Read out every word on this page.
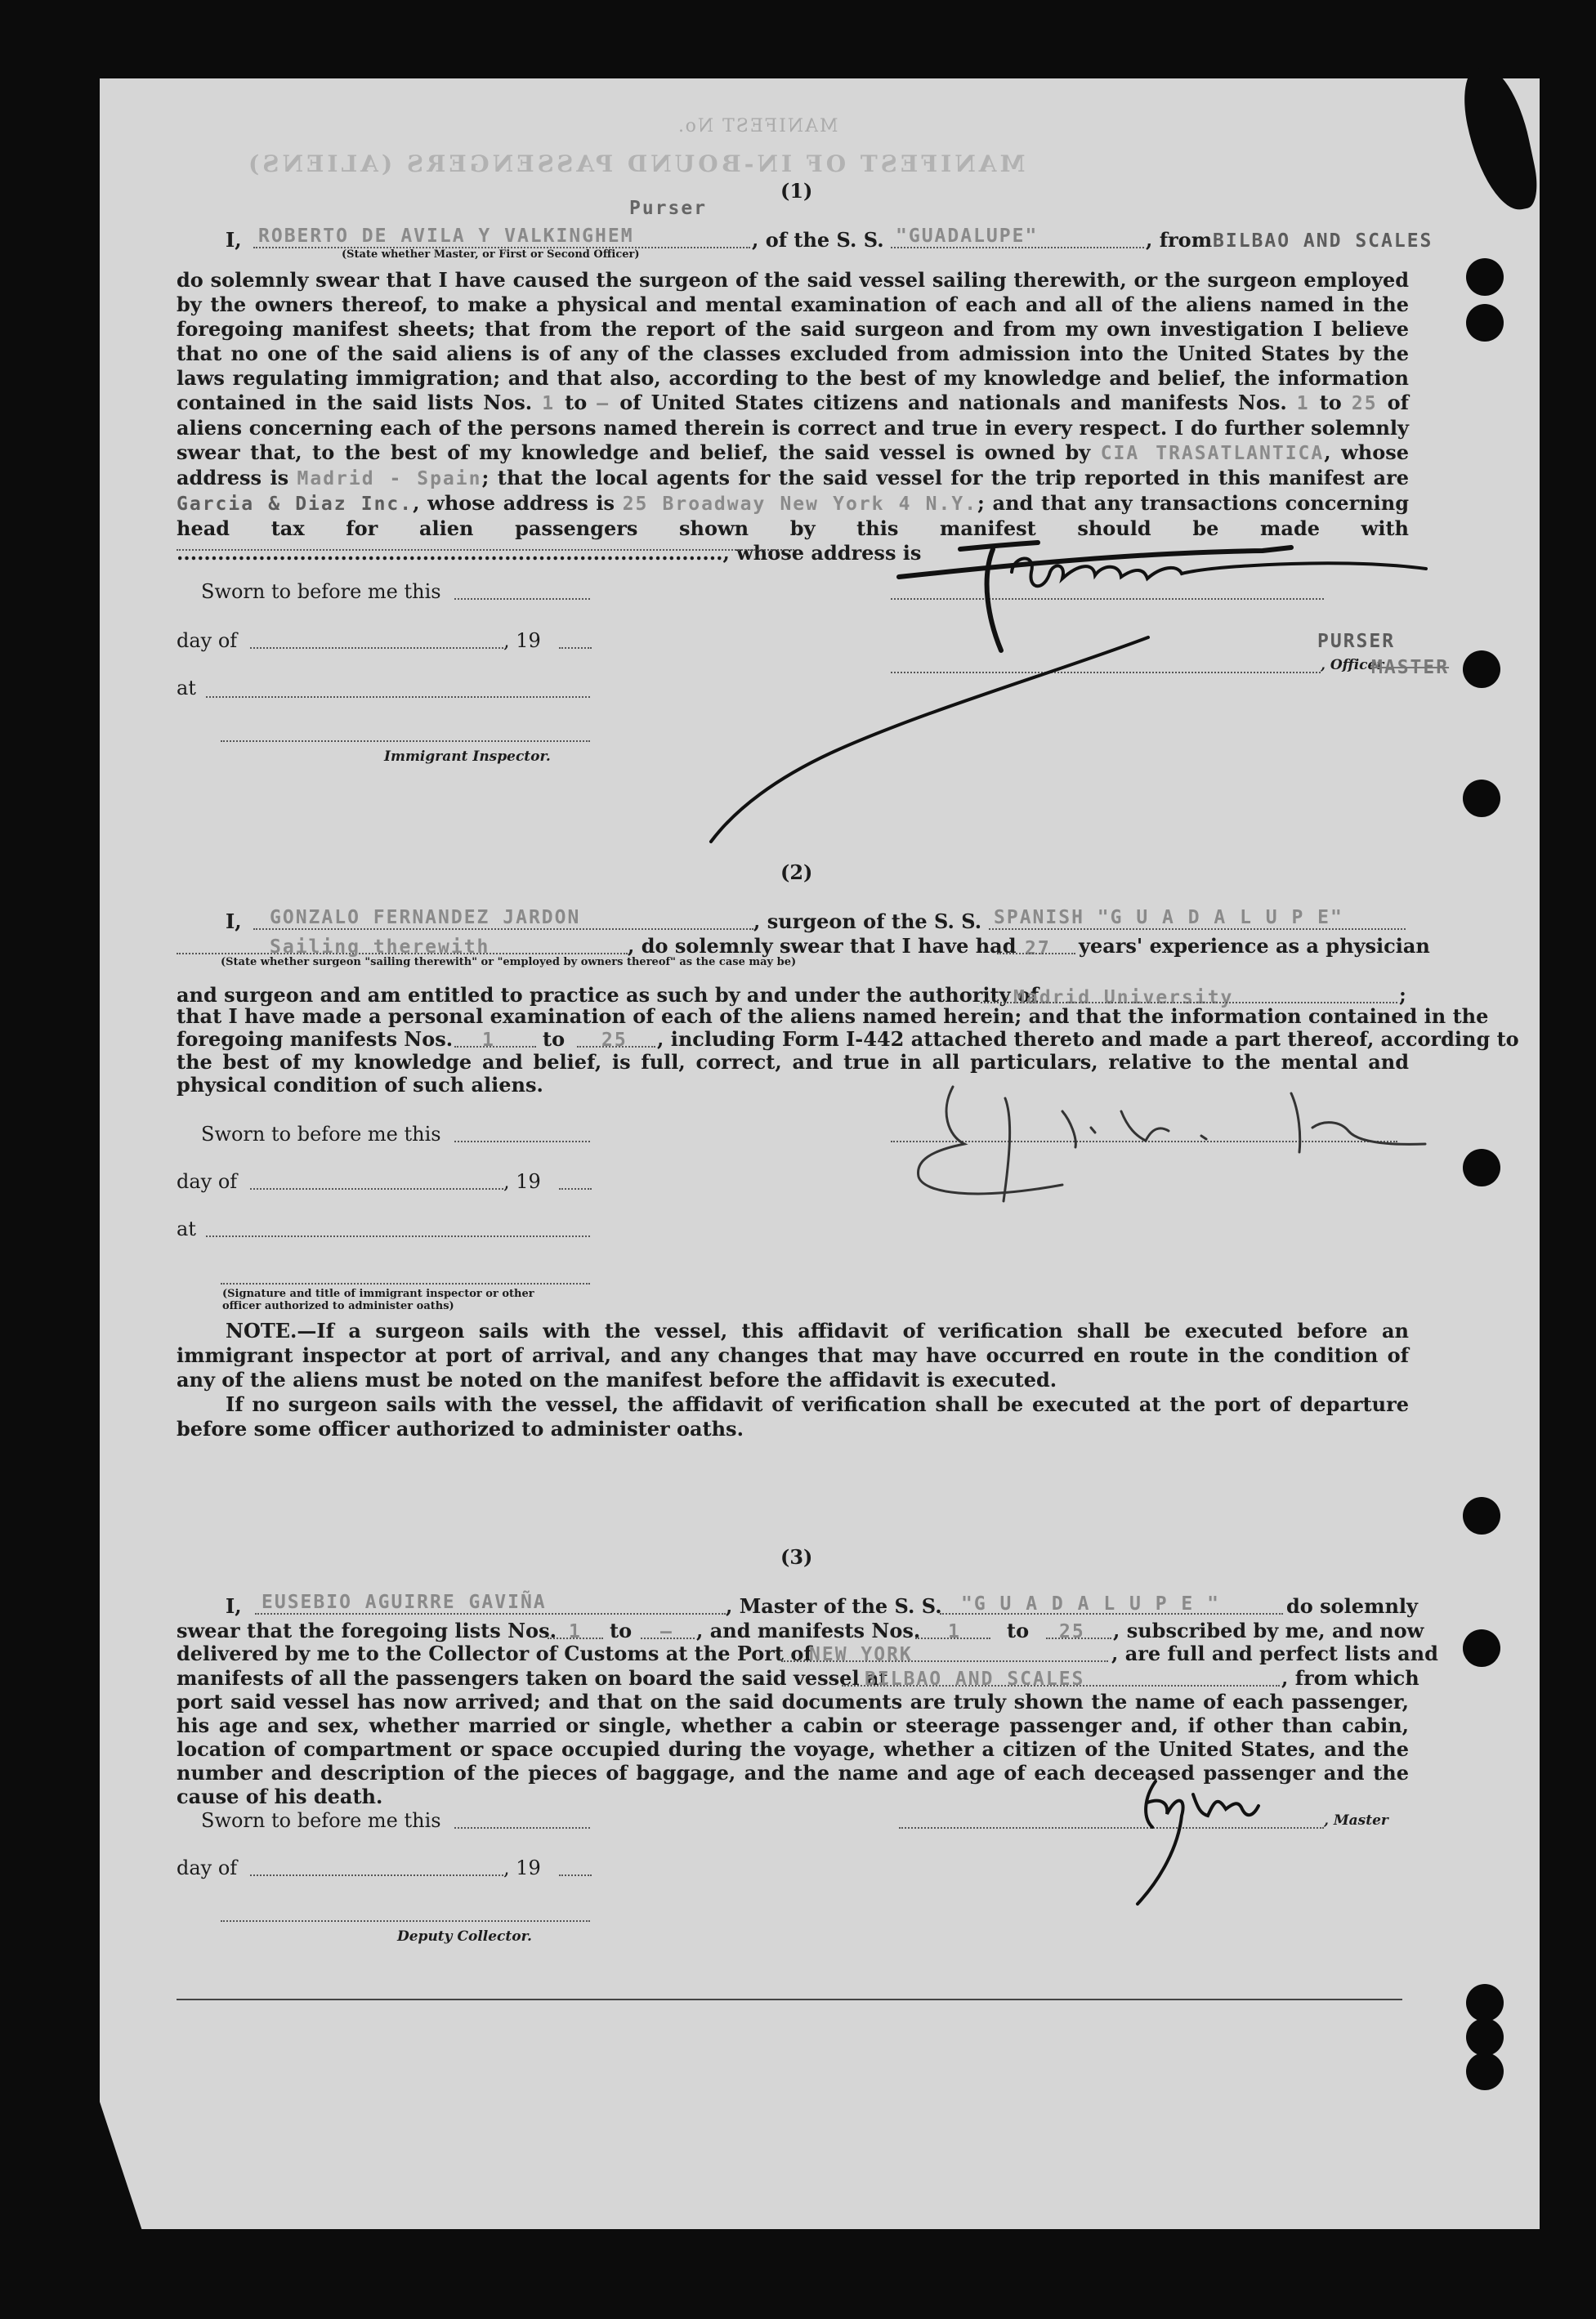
MANIFEST OF IN-BOUND PASSENGERS (ALIENS)
MANIFEST No.
(1)
Purser
I, ROBERTO DE AVILA Y VALKINGHEM	, of the S. S. "GUADALUPE"	, from BILBAO AND SCALES
(State whether Master, or First or Second Officer)
do solemnly swear that I have caused the surgeon of the said vessel sailing therewith, or the surgeon employed by the owners thereof, to make a physical and mental examination of each and all of the aliens named in the foregoing manifest sheets; that from the report of the said surgeon and from my own investigation I believe that no one of the said aliens is of any of the classes excluded from admission into the United States by the laws regulating immigration; and that also, according to the best of my knowledge and belief, the information contained in the said lists Nos. 1 to — of United States citizens and nationals and manifests Nos. 1 to 25 of aliens concerning each of the persons named therein is correct and true in every respect. I do further solemnly swear that, to the best of my knowledge and belief, the said vessel is owned by CIA TRASATLANTICA, whose address is Madrid - Spain; that the local agents for the said vessel for the trip reported in this manifest are Garcia & Diaz Inc., whose address is 25 Broadway New York 4 N.Y.; and that any transactions concerning head tax for alien passengers shown by this manifest should be made with ................................................................................, whose address is
Sworn to before me this
day of	, 19	PURSER
, Officer
MASTER
at
Immigrant Inspector.
(2)
I, GONZALO FERNANDEZ JARDON	, surgeon of the S. S. SPANISH "G U A D A L U P E"
Sailing therewith	, do solemnly swear that I have had 27 years' experience as a physician
(State whether surgeon "sailing therewith" or "employed by owners thereof" as the case may be)
and surgeon and am entitled to practice as such by and under the authority of
Madrid University	;
that I have made a personal examination of each of the aliens named herein; and that the information contained in the
foregoing manifests Nos. 1 to 25 , including Form I-442 attached thereto and made a part thereof, according to
the best of my knowledge and belief, is full, correct, and true in all particulars, relative to the mental and physical condition of such aliens.
Sworn to before me this
day of	, 19
at
(Signature and title of immigrant inspector or other officer authorized to administer oaths)
NOTE.—If a surgeon sails with the vessel, this affidavit of verification shall be executed before an immigrant inspector at port of arrival, and any changes that may have occurred en route in the condition of any of the aliens must be noted on the manifest before the affidavit is executed.
If no surgeon sails with the vessel, the affidavit of verification shall be executed at the port of departure before some officer authorized to administer oaths.
(3)
I, EUSEBIO AGUIRRE GAVIÑA	, Master of the S. S. "G U A D A L U P E "	do solemnly
swear that the foregoing lists Nos. 1 to — , and manifests Nos. 1 to 25 , subscribed by me, and now
delivered by me to the Collector of Customs at the Port of
NEW YORK	, are full and perfect lists and
manifests of all the passengers taken on board the said vessel at
BILBAO AND SCALES	, from which
port said vessel has now arrived; and that on the said documents are truly shown the name of each passenger, his age and sex, whether married or single, whether a cabin or steerage passenger and, if other than cabin, location of compartment or space occupied during the voyage, whether a citizen of the United States, and the number and description of the pieces of baggage, and the name and age of each deceased passenger and the cause of his death.
Sworn to before me this	, Master
day of	, 19
Deputy Collector.
